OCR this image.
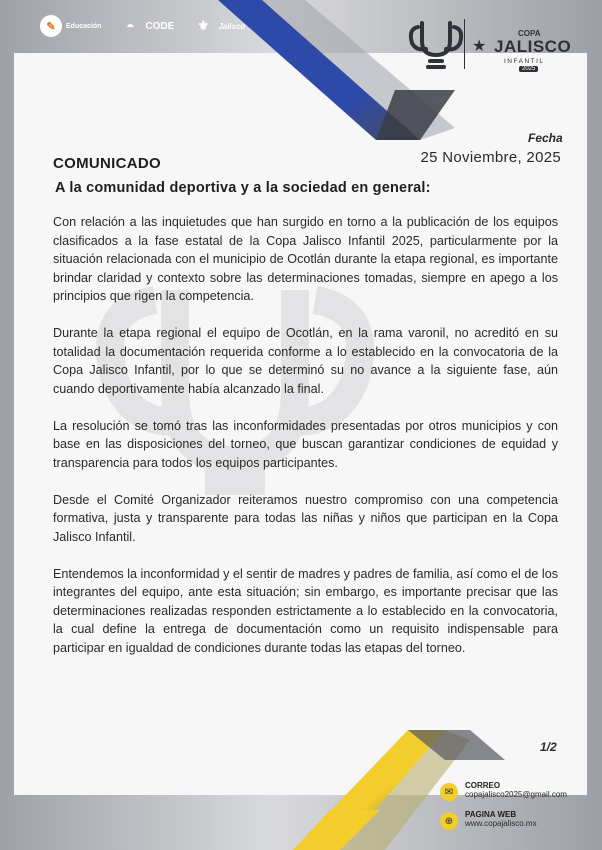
✎	Educación	◓	CODE	⚜	Jalisco
★
COPA
JALISCO
INFANTIL
2025
Fecha
25 Noviembre, 2025
COMUNICADO
A la comunidad deportiva y a la sociedad en general:

Con relación a las inquietudes que han surgido en torno a la publicación de los equipos clasificados a la fase estatal de la Copa Jalisco Infantil 2025, particularmente por la situación relacionada con el municipio de Ocotlán durante la etapa regional, es importante brindar claridad y contexto sobre las determinaciones tomadas, siempre en apego a los principios que rigen la competencia.

Durante la etapa regional el equipo de Ocotlán, en la rama varonil, no acreditó en su totalidad la documentación requerida conforme a lo establecido en la convocatoria de la Copa Jalisco Infantil, por lo que se determinó su no avance a la siguiente fase, aún cuando deportivamente había alcanzado la final.

La resolución se tomó tras las inconformidades presentadas por otros municipios y con base en las disposiciones del torneo, que buscan garantizar condiciones de equidad y transparencia para todos los equipos participantes.

Desde el Comité Organizador reiteramos nuestro compromiso con una competencia formativa, justa y transparente para todas las niñas y niños que participan en la Copa Jalisco Infantil.

Entendemos la inconformidad y el sentir de madres y padres de familia, así como el de los integrantes del equipo, ante esta situación; sin embargo, es importante precisar que las determinaciones realizadas responden estrictamente a lo establecido en la convocatoria, la cual define la entrega de documentación como un requisito indispensable para participar en igualdad de condiciones durante todas las etapas del torneo.

1/2
✉
CORREO
copajalisco2025@gmail.com
⊕
PAGINA WEB
www.copajalisco.mx
